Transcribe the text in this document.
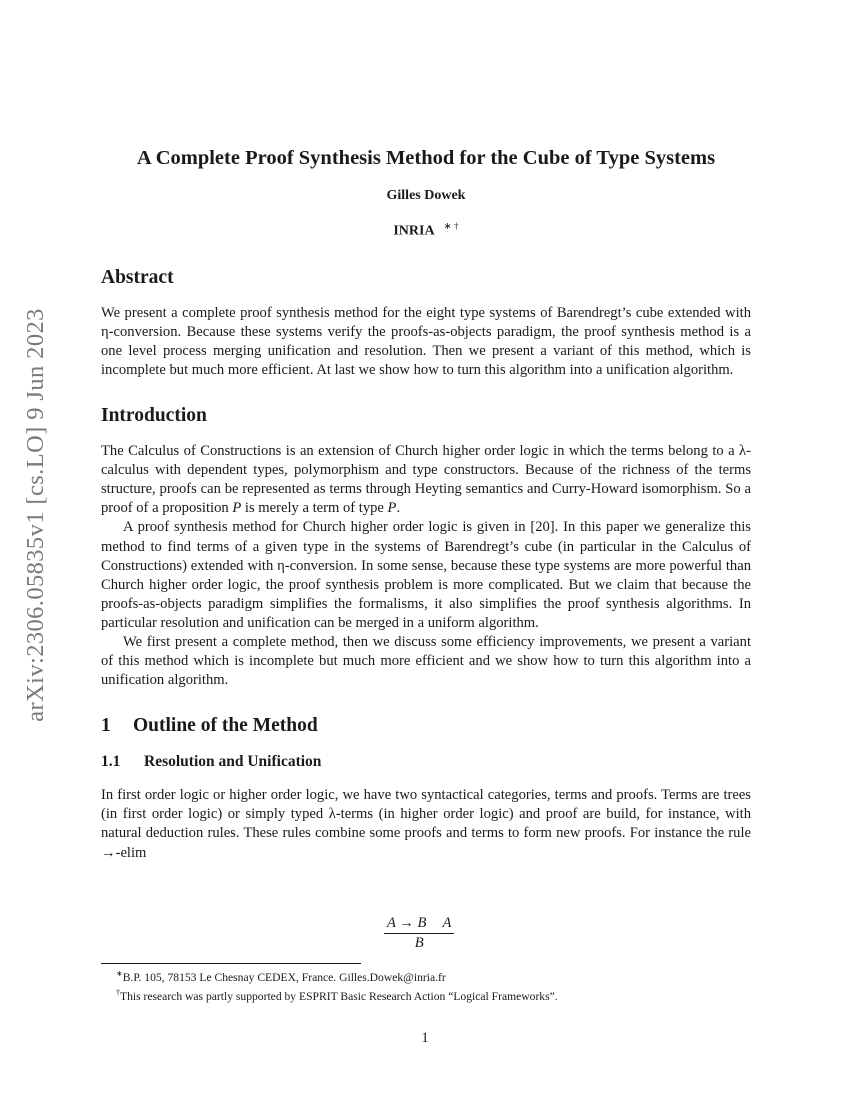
arXiv:2306.05835v1 [cs.LO] 9 Jun 2023
A Complete Proof Synthesis Method for the Cube of Type Systems
Gilles Dowek
INRIA ∗ †
Abstract

We present a complete proof synthesis method for the eight type systems of Barendregt’s cube extended with η-conversion. Because these systems verify the proofs-as-objects paradigm, the proof synthesis method is a one level process merging unification and resolution. Then we present a variant of this method, which is incomplete but much more efficient. At last we show how to turn this algorithm into a unification algorithm.

Introduction

The Calculus of Constructions is an extension of Church higher order logic in which the terms belong to a λ-calculus with dependent types, polymorphism and type constructors. Because of the richness of the terms structure, proofs can be represented as terms through Heyting semantics and Curry-Howard isomorphism. So a proof of a proposition P is merely a term of type P.

A proof synthesis method for Church higher order logic is given in [20]. In this paper we generalize this method to find terms of a given type in the systems of Barendregt’s cube (in particular in the Calculus of Constructions) extended with η-conversion. In some sense, because these type systems are more powerful than Church higher order logic, the proof synthesis problem is more complicated. But we claim that because the proofs-as-objects paradigm simplifies the formalisms, it also simplifies the proof synthesis algorithms. In particular resolution and unification can be merged in a uniform algorithm.

We first present a complete method, then we discuss some efficiency improvements, we present a variant of this method which is incomplete but much more efficient and we show how to turn this algorithm into a unification algorithm.

1 Outline of the Method
1.1 Resolution and Unification

In first order logic or higher order logic, we have two syntactical categories, terms and proofs. Terms are trees (in first order logic) or simply typed λ-terms (in higher order logic) and proof are build, for instance, with natural deduction rules. These rules combine some proofs and terms to form new proofs. For instance the rule →-elim

$\frac{\text{A → B A}}{B}$

∗B.P. 105, 78153 Le Chesnay CEDEX, France. Gilles.Dowek@inria.fr

†This research was partly supported by ESPRIT Basic Research Action “Logical Frameworks”.

1
